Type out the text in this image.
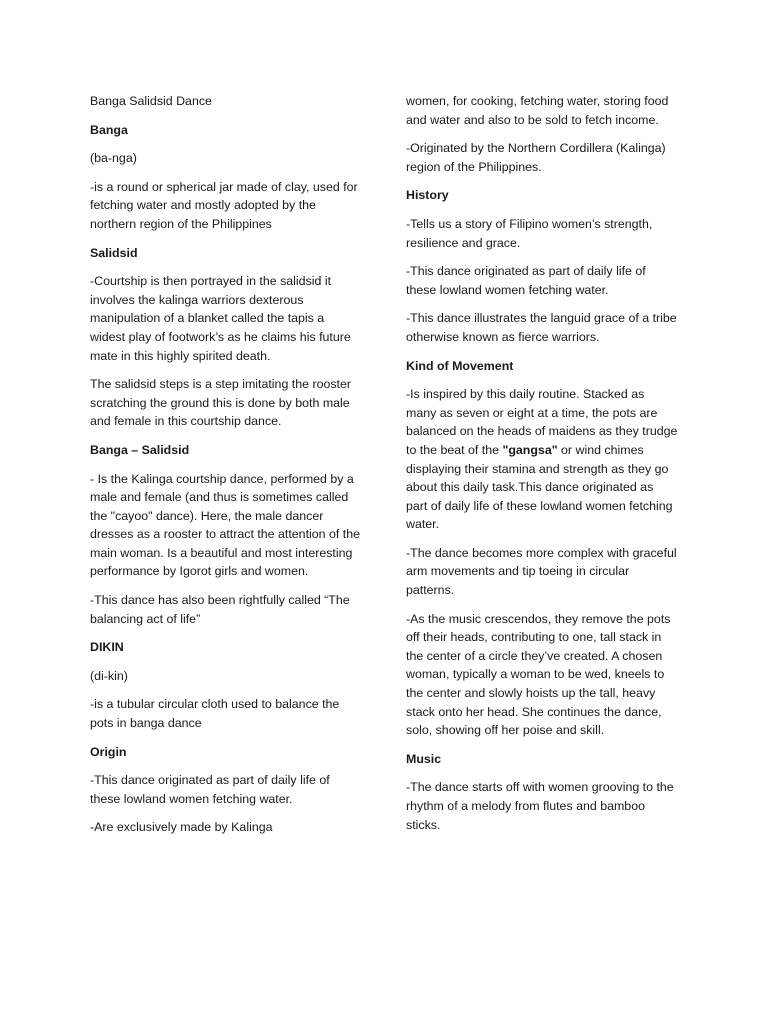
Banga Salidsid Dance

Banga

(ba-nga)

-is a round or spherical jar made of clay, used for fetching water and mostly adopted by the northern region of the Philippines

Salidsid

-Courtship is then portrayed in the salidsid it involves the kalinga warriors dexterous manipulation of a blanket called the tapis a widest play of footwork’s as he claims his future mate in this highly spirited death.

The salidsid steps is a step imitating the rooster scratching the ground this is done by both male and female in this courtship dance.

Banga – Salidsid

- Is the Kalinga courtship dance, performed by a male and female (and thus is sometimes called the "cayoo" dance). Here, the male dancer dresses as a rooster to attract the attention of the main woman. Is a beautiful and most interesting performance by Igorot girls and women.

-This dance has also been rightfully called “The balancing act of life”

DIKIN

(di-kin)

-is a tubular circular cloth used to balance the pots in banga dance

Origin

-This dance originated as part of daily life of these lowland women fetching water.

-Are exclusively made by Kalinga

women, for cooking, fetching water, storing food and water and also to be sold to fetch income.

-Originated by the Northern Cordillera (Kalinga) region of the Philippines.

History

-Tells us a story of Filipino women’s strength, resilience and grace.

-This dance originated as part of daily life of these lowland women fetching water.

-This dance illustrates the languid grace of a tribe otherwise known as fierce warriors.

Kind of Movement

-Is inspired by this daily routine. Stacked as many as seven or eight at a time, the pots are balanced on the heads of maidens as they trudge to the beat of the "gangsa" or wind chimes displaying their stamina and strength as they go about this daily task.This dance originated as part of daily life of these lowland women fetching water.

-The dance becomes more complex with graceful arm movements and tip toeing in circular patterns.

-As the music crescendos, they remove the pots off their heads, contributing to one, tall stack in the center of a circle they’ve created. A chosen woman, typically a woman to be wed, kneels to the center and slowly hoists up the tall, heavy stack onto her head. She continues the dance, solo, showing off her poise and skill.

Music

-The dance starts off with women grooving to the rhythm of a melody from flutes and bamboo sticks.
